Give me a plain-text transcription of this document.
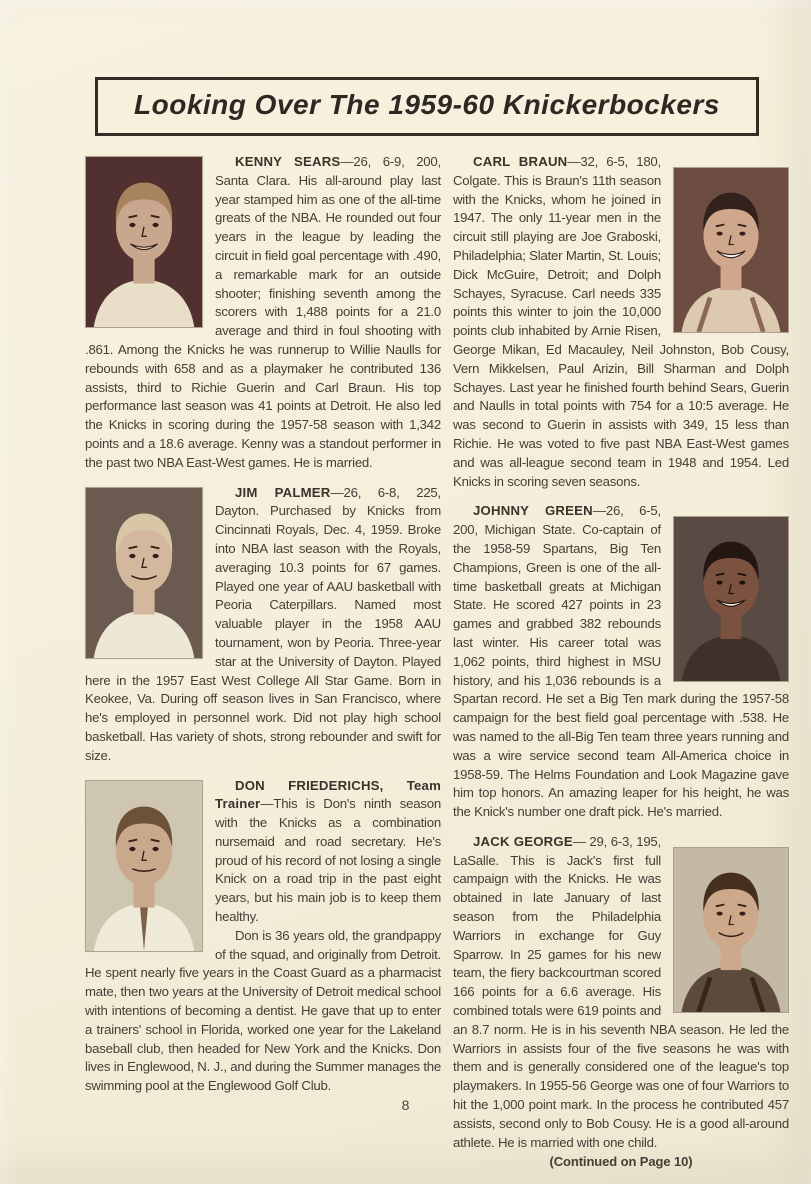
Looking Over The 1959-60 Knickerbockers

KENNY SEARS—26, 6-9, 200, Santa Clara. His all-around play last year stamped him as one of the all-time greats of the NBA. He rounded out four years in the league by leading the circuit in field goal percentage with .490, a remarkable mark for an outside shooter; finishing seventh among the scorers with 1,488 points for a 21.0 average and third in foul shooting with .861. Among the Knicks he was runnerup to Willie Naulls for rebounds with 658 and as a playmaker he contributed 136 assists, third to Richie Guerin and Carl Braun. His top performance last season was 41 points at Detroit. He also led the Knicks in scoring during the 1957-58 season with 1,342 points and a 18.6 average. Kenny was a standout performer in the past two NBA East-West games. He is married.

JIM PALMER—26, 6-8, 225, Dayton. Purchased by Knicks from Cincinnati Royals, Dec. 4, 1959. Broke into NBA last season with the Royals, averaging 10.3 points for 67 games. Played one year of AAU basketball with Peoria Caterpillars. Named most valuable player in the 1958 AAU tournament, won by Peoria. Three-year star at the University of Dayton. Played here in the 1957 East West College All Star Game. Born in Keokee, Va. During off season lives in San Francisco, where he's employed in personnel work. Did not play high school basketball. Has variety of shots, strong rebounder and swift for size.

DON FRIEDERICHS, Team Trainer—This is Don's ninth season with the Knicks as a combination nursemaid and road secretary. He's proud of his record of not losing a single Knick on a road trip in the past eight years, but his main job is to keep them healthy.

Don is 36 years old, the grandpappy of the squad, and originally from Detroit. He spent nearly five years in the Coast Guard as a pharmacist mate, then two years at the University of Detroit medical school with intentions of becoming a dentist. He gave that up to enter a trainers' school in Florida, worked one year for the Lakeland baseball club, then headed for New York and the Knicks. Don lives in Englewood, N. J., and during the Summer manages the swimming pool at the Englewood Golf Club.

CARL BRAUN—32, 6-5, 180, Colgate. This is Braun's 11th season with the Knicks, whom he joined in 1947. The only 11-year men in the circuit still playing are Joe Graboski, Philadelphia; Slater Martin, St. Louis; Dick McGuire, Detroit; and Dolph Schayes, Syracuse. Carl needs 335 points this winter to join the 10,000 points club inhabited by Arnie Risen, George Mikan, Ed Macauley, Neil Johnston, Bob Cousy, Vern Mikkelsen, Paul Arizin, Bill Sharman and Dolph Schayes. Last year he finished fourth behind Sears, Guerin and Naulls in total points with 754 for a 10:5 average. He was second to Guerin in assists with 349, 15 less than Richie. He was voted to five past NBA East-West games and was all-league second team in 1948 and 1954. Led Knicks in scoring seven seasons.

JOHNNY GREEN—26, 6-5, 200, Michigan State. Co-captain of the 1958-59 Spartans, Big Ten Champions, Green is one of the all-time basketball greats at Michigan State. He scored 427 points in 23 games and grabbed 382 rebounds last winter. His career total was 1,062 points, third highest in MSU history, and his 1,036 rebounds is a Spartan record. He set a Big Ten mark during the 1957-58 campaign for the best field goal percentage with .538. He was named to the all-Big Ten team three years running and was a wire service second team All-America choice in 1958-59. The Helms Foundation and Look Magazine gave him top honors. An amazing leaper for his height, he was the Knick's number one draft pick. He's married.

JACK GEORGE— 29, 6-3, 195, LaSalle. This is Jack's first full campaign with the Knicks. He was obtained in late January of last season from the Philadelphia Warriors in exchange for Guy Sparrow. In 25 games for his new team, the fiery backcourtman scored 166 points for a 6.6 average. His combined totals were 619 points and an 8.7 norm. He is in his seventh NBA season. He led the Warriors in assists four of the five seasons he was with them and is generally considered one of the league's top playmakers. In 1955-56 George was one of four Warriors to hit the 1,000 point mark. In the process he contributed 457 assists, second only to Bob Cousy. He is a good all-around athlete. He is married with one child.

(Continued on Page 10)
8
